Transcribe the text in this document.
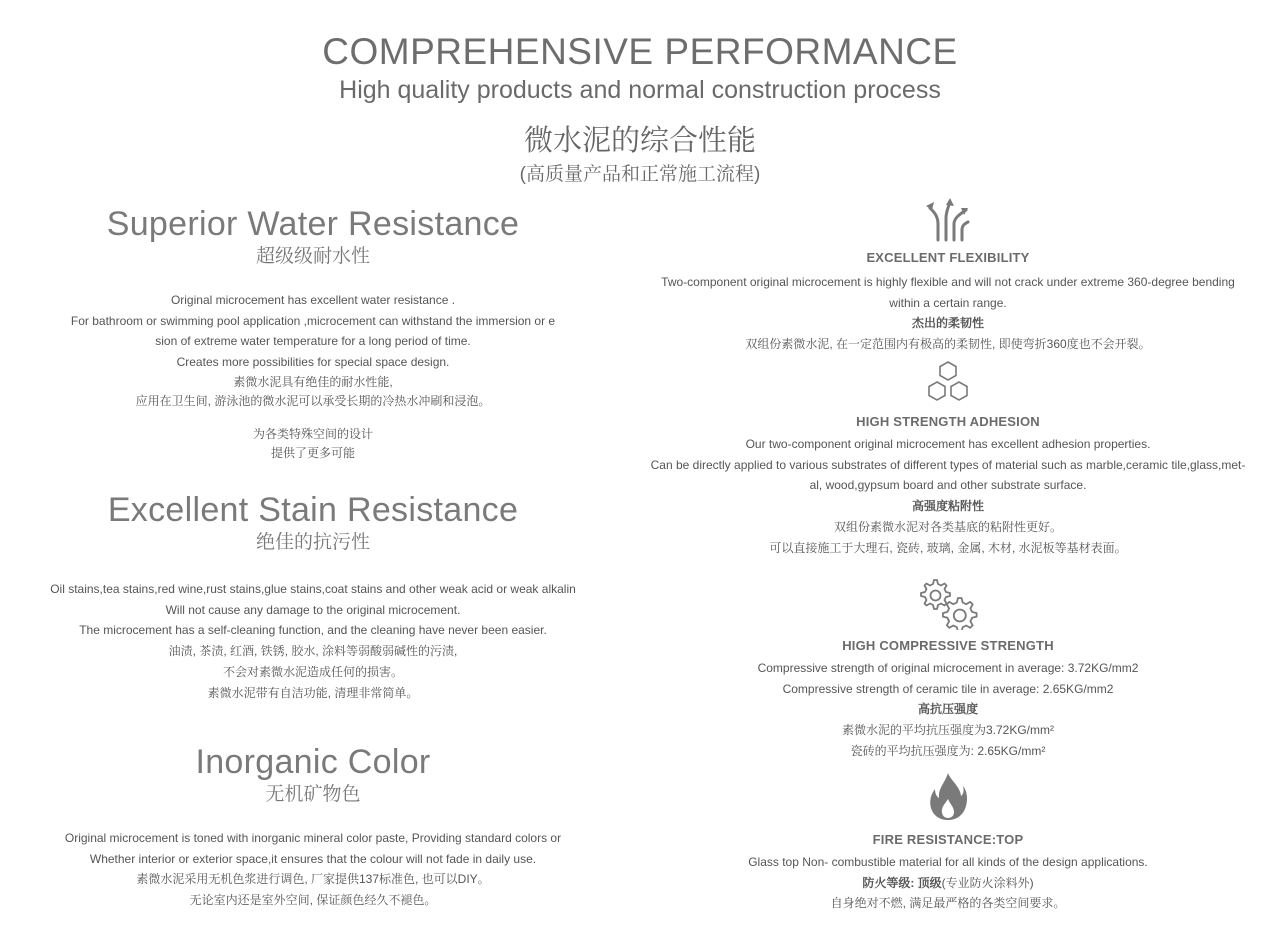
COMPREHENSIVE PERFORMANCE
High quality products and normal construction process
微水泥的综合性能
(高质量产品和正常施工流程)
Superior Water Resistance
超级级耐水性
Original microcement has excellent water resistance .
For bathroom or swimming pool application ,microcement can withstand the immersion or e
sion of extreme water temperature for a long period of time.
Creates more possibilities for special space design.
素微水泥具有绝佳的耐水性能,
应用在卫生间, 游泳池的微水泥可以承受长期的冷热水冲刷和浸泡。
为各类特殊空间的设计
提供了更多可能
Excellent Stain Resistance
绝佳的抗污性
Oil stains,tea stains,red wine,rust stains,glue stains,coat stains and other weak acid or weak alkalin
Will not cause any damage to the original microcement.
The microcement has a self-cleaning function, and the cleaning have never been easier.
油渍, 茶渍, 红酒, 铁锈, 胶水, 涂料等弱酸弱碱性的污渍,
不会对素微水泥造成任何的损害。
素微水泥带有自洁功能, 清理非常简单。
Inorganic Color
无机矿物色
Original microcement is toned with inorganic mineral color paste, Providing standard colors or
Whether interior or exterior space,it ensures that the colour will not fade in daily use.
素微水泥采用无机色浆进行调色, 厂家提供137标准色, 也可以DIY。
无论室内还是室外空间, 保证颜色经久不褪色。
EXCELLENT FLEXIBILITY
Two-component original microcement is highly flexible and will not crack under extreme 360-degree bending
within a certain range.
杰出的柔韧性
双组份素微水泥, 在一定范围内有极高的柔韧性, 即使弯折360度也不会开裂。
HIGH STRENGTH ADHESION
Our two-component original microcement has excellent adhesion properties.
Can be directly applied to various substrates of different types of material such as marble,ceramic tile,glass,met-
al, wood,gypsum board and other substrate surface.
高强度粘附性
双组份素微水泥对各类基底的粘附性更好。
可以直接施工于大理石, 瓷砖, 玻璃, 金属, 木材, 水泥板等基材表面。
HIGH COMPRESSIVE STRENGTH
Compressive strength of original microcement in average: 3.72KG/mm2
Compressive strength of ceramic tile in average: 2.65KG/mm2
高抗压强度
素微水泥的平均抗压强度为3.72KG/mm²
瓷砖的平均抗压强度为: 2.65KG/mm²
FIRE RESISTANCE:TOP
Glass top Non- combustible material for all kinds of the design applications.
防火等级: 顶级(专业防火涂料外)
自身绝对不燃, 满足最严格的各类空间要求。
